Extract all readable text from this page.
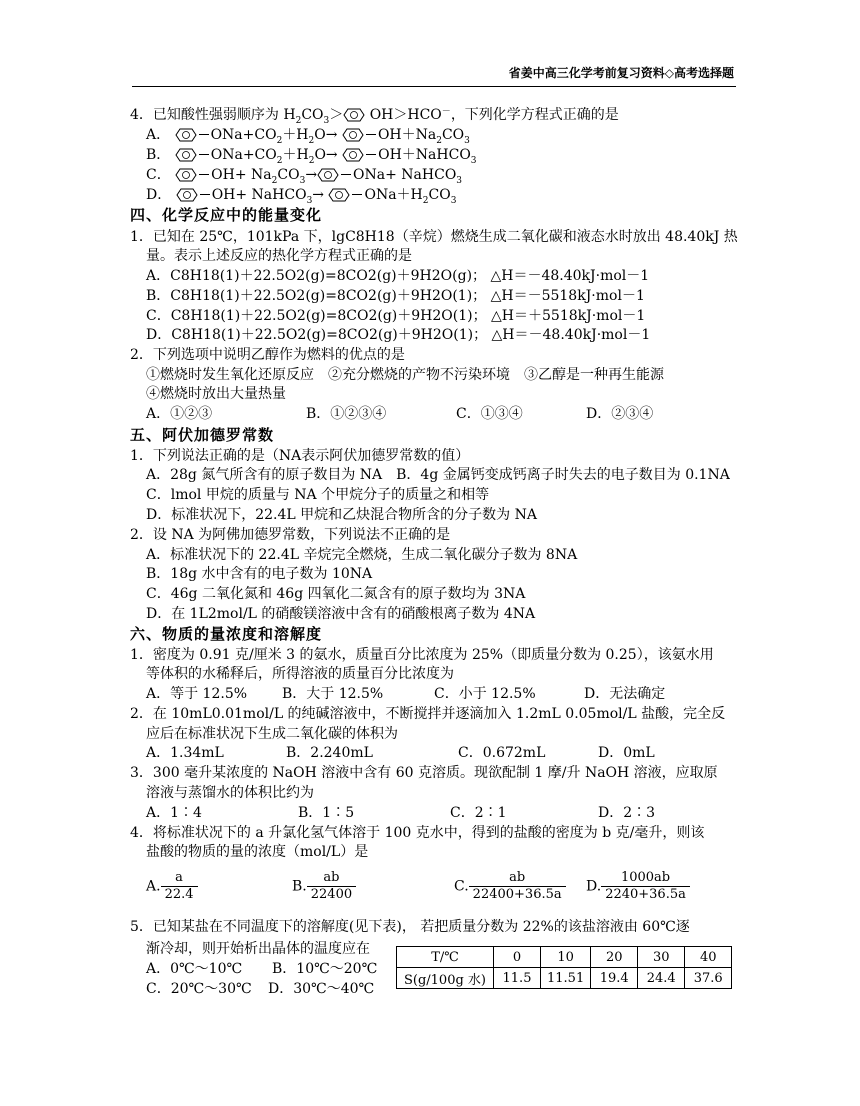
省姜中高三化学考前复习资料◇高考选择题
4．已知酸性强弱顺序为 $H_2CO_3>$
OH＞HCO－，下列化学方程式正确的是
A．	$ONa+CO_2+H_2O\to$	$OH+Na_2CO_3$
B．	$ONa+CO_2+H_2O\to$	OH＋NaHCO$_3$
C．	$OH+ Na_2CO_3\to$	ONa+ NaHCO$_3$
D．	OH+ NaHCO$_3$→	$ONa+H_2CO_3$
四、化学反应中的能量变化
1．已知在 25℃，101kPa 下，lgC8H18（辛烷）燃烧生成二氧化碳和液态水时放出 48.40kJ 热
量。表示上述反应的热化学方程式正确的是
A．C8H18(1)＋22.5O2(g)=8CO2(g)＋9H2O(g)； △H＝－48.40kJ·mol－1
B．C8H18(1)＋22.5O2(g)=8CO2(g)＋9H2O(1)； △H＝－5518kJ·mol－1
C．C8H18(1)＋22.5O2(g)=8CO2(g)＋9H2O(1)； △H＝＋5518kJ·mol－1
D．C8H18(1)＋22.5O2(g)=8CO2(g)＋9H2O(1)； △H＝－48.40kJ·mol－1
2．下列选项中说明乙醇作为燃料的优点的是
①燃烧时发生氧化还原反应　②充分燃烧的产物不污染环境　③乙醇是一种再生能源
④燃烧时放出大量热量
A．①②③	B．①②③④	C．①③④	D．②③④
五、阿伏加德罗常数
1．下列说法正确的是（NA表示阿伏加德罗常数的值）
A．28g 氮气所含有的原子数目为 NA　B．4g 金属钙变成钙离子时失去的电子数目为 0.1NA
C．lmol 甲烷的质量与 NA 个甲烷分子的质量之和相等
D．标准状况下，22.4L 甲烷和乙炔混合物所含的分子数为 NA
2．设 NA 为阿佛加德罗常数，下列说法不正确的是
A．标准状况下的 22.4L 辛烷完全燃烧，生成二氧化碳分子数为 8NA
B．18g 水中含有的电子数为 10NA
C．46g 二氧化氮和 46g 四氧化二氮含有的原子数均为 3NA
D．在 1L2mol/L 的硝酸镁溶液中含有的硝酸根离子数为 4NA
六、物质的量浓度和溶解度
1．密度为 0.91 克/厘米 3 的氨水，质量百分比浓度为 25%（即质量分数为 0.25），该氨水用
等体积的水稀释后，所得溶液的质量百分比浓度为
A．等于 12.5% B．大于 12.5%	C．小于 12.5%	D．无法确定
2．在 10mL0.01mol/L 的纯碱溶液中，不断搅拌并逐滴加入 1.2mL 0.05mol/L 盐酸，完全反
应后在标准状况下生成二氧化碳的体积为
A．1.34mL	B．2.240mL	C．0.672mL	D．0mL
3．300 毫升某浓度的 NaOH 溶液中含有 60 克溶质。现欲配制 1 摩/升 NaOH 溶液，应取原
溶液与蒸馏水的体积比约为
A．1∶4	B．1∶5	C．2∶1	D．2∶3
4．将标准状况下的 a 升氯化氢气体溶于 100 克水中，得到的盐酸的密度为 b 克/毫升，则该
盐酸的物质的量的浓度（mol/L）是
A. $\frac{a}{22.4}$	B. $\frac{ab}{22400}$	C. $\frac{ab}{22400+36.5a} D$. $\frac{1000ab}{2240+36.5a}$
5．已知某盐在不同温度下的溶解度(见下表)， 若把质量分数为 22%的该盐溶液由 60℃逐
渐冷却，则开始析出晶体的温度应在
A．0℃～10℃ B．10℃～20℃
C．20℃～30℃ D．30℃～40℃
T/℃	0	10	20	30	40
S(g/100g 水)	11.5	11.51	19.4	24.4	37.6
